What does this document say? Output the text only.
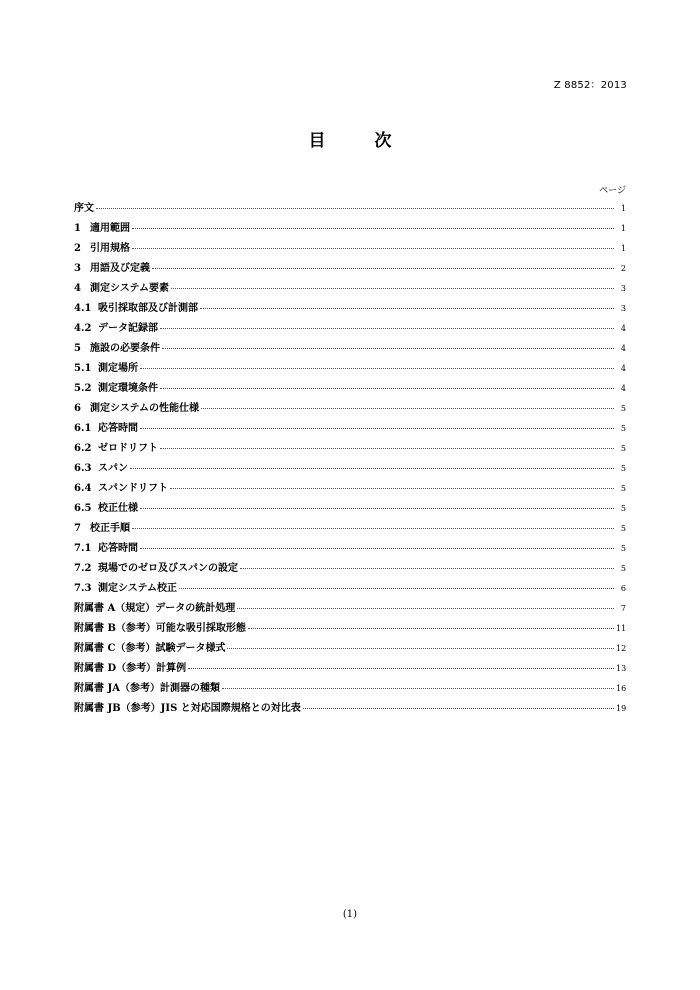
Z 8852：2013
目　次
ページ
序文	1
1 適用範囲	1
2 引用規格	1
3 用語及び定義	2
4 測定システム要素	3
4.1 吸引採取部及び計測部	3
4.2 データ記録部	4
5 施設の必要条件	4
5.1 測定場所	4
5.2 測定環境条件	4
6 測定システムの性能仕様	5
6.1 応答時間	5
6.2 ゼロドリフト	5
6.3 スパン	5
6.4 スパンドリフト	5
6.5 校正仕様	5
7 校正手順	5
7.1 応答時間	5
7.2 現場でのゼロ及びスパンの設定	5
7.3 測定システム校正	6
附属書 A（規定）データの統計処理	7
附属書 B（参考）可能な吸引採取形態	11
附属書 C（参考）試験データ様式	12
附属書 D（参考）計算例	13
附属書 JA（参考）計測器の種類	16
附属書 JB（参考）JIS と対応国際規格との対比表	19
(1)
